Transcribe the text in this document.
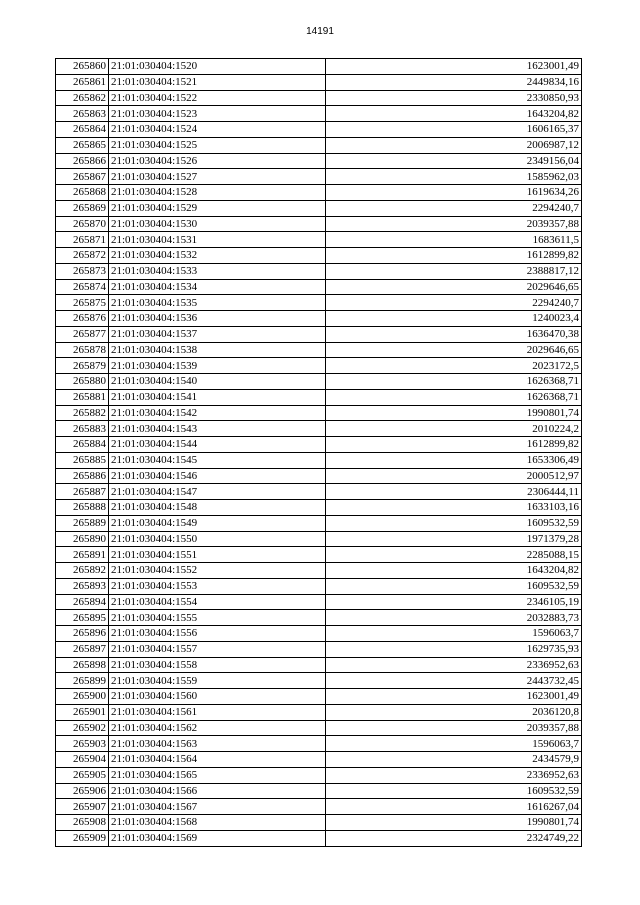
14191
265860	21:01:030404:1520	1623001,49
265861	21:01:030404:1521	2449834,16
265862	21:01:030404:1522	2330850,93
265863	21:01:030404:1523	1643204,82
265864	21:01:030404:1524	1606165,37
265865	21:01:030404:1525	2006987,12
265866	21:01:030404:1526	2349156,04
265867	21:01:030404:1527	1585962,03
265868	21:01:030404:1528	1619634,26
265869	21:01:030404:1529	2294240,7
265870	21:01:030404:1530	2039357,88
265871	21:01:030404:1531	1683611,5
265872	21:01:030404:1532	1612899,82
265873	21:01:030404:1533	2388817,12
265874	21:01:030404:1534	2029646,65
265875	21:01:030404:1535	2294240,7
265876	21:01:030404:1536	1240023,4
265877	21:01:030404:1537	1636470,38
265878	21:01:030404:1538	2029646,65
265879	21:01:030404:1539	2023172,5
265880	21:01:030404:1540	1626368,71
265881	21:01:030404:1541	1626368,71
265882	21:01:030404:1542	1990801,74
265883	21:01:030404:1543	2010224,2
265884	21:01:030404:1544	1612899,82
265885	21:01:030404:1545	1653306,49
265886	21:01:030404:1546	2000512,97
265887	21:01:030404:1547	2306444,11
265888	21:01:030404:1548	1633103,16
265889	21:01:030404:1549	1609532,59
265890	21:01:030404:1550	1971379,28
265891	21:01:030404:1551	2285088,15
265892	21:01:030404:1552	1643204,82
265893	21:01:030404:1553	1609532,59
265894	21:01:030404:1554	2346105,19
265895	21:01:030404:1555	2032883,73
265896	21:01:030404:1556	1596063,7
265897	21:01:030404:1557	1629735,93
265898	21:01:030404:1558	2336952,63
265899	21:01:030404:1559	2443732,45
265900	21:01:030404:1560	1623001,49
265901	21:01:030404:1561	2036120,8
265902	21:01:030404:1562	2039357,88
265903	21:01:030404:1563	1596063,7
265904	21:01:030404:1564	2434579,9
265905	21:01:030404:1565	2336952,63
265906	21:01:030404:1566	1609532,59
265907	21:01:030404:1567	1616267,04
265908	21:01:030404:1568	1990801,74
265909	21:01:030404:1569	2324749,22
